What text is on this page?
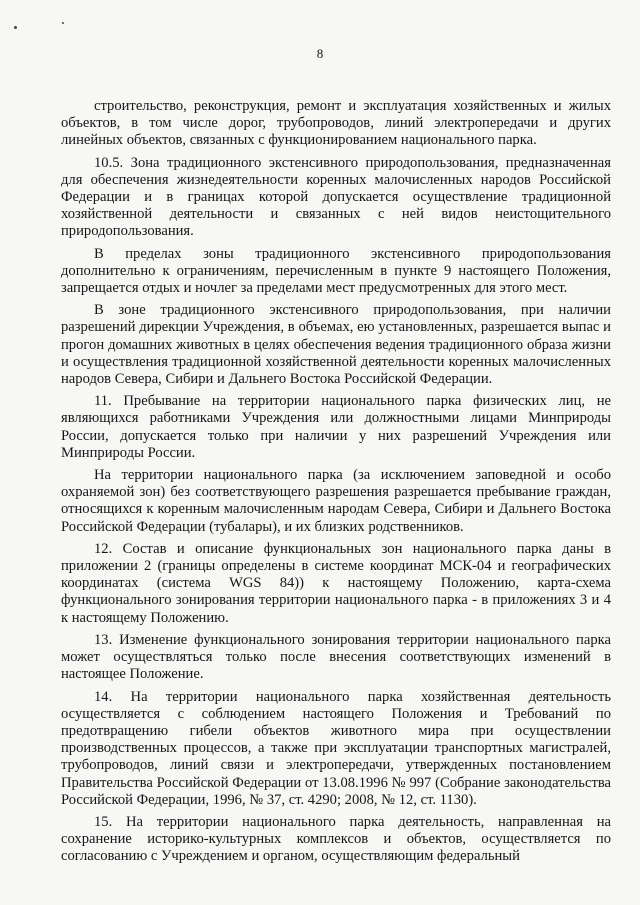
8

строительство, реконструкция, ремонт и эксплуатация хозяйственных и жилых объектов, в том числе дорог, трубопроводов, линий электропередачи и других линейных объектов, связанных с функционированием национального парка.

10.5. Зона традиционного экстенсивного природопользования, предназначенная для обеспечения жизнедеятельности коренных малочисленных народов Российской Федерации и в границах которой допускается осуществление традиционной хозяйственной деятельности и связанных с ней видов неистощительного природопользования.

В пределах зоны традиционного экстенсивного природопользования дополнительно к ограничениям, перечисленным в пункте 9 настоящего Положения, запрещается отдых и ночлег за пределами мест предусмотренных для этого мест.

В зоне традиционного экстенсивного природопользования, при наличии разрешений дирекции Учреждения, в объемах, ею установленных, разрешается выпас и прогон домашних животных в целях обеспечения ведения традиционного образа жизни и осуществления традиционной хозяйственной деятельности коренных малочисленных народов Севера, Сибири и Дальнего Востока Российской Федерации.

11. Пребывание на территории национального парка физических лиц, не являющихся работниками Учреждения или должностными лицами Минприроды России, допускается только при наличии у них разрешений Учреждения или Минприроды России.

На территории национального парка (за исключением заповедной и особо охраняемой зон) без соответствующего разрешения разрешается пребывание граждан, относящихся к коренным малочисленным народам Севера, Сибири и Дальнего Востока Российской Федерации (тубалары), и их близких родственников.

12. Состав и описание функциональных зон национального парка даны в приложении 2 (границы определены в системе координат МСК-04 и географических координатах (система WGS 84)) к настоящему Положению, карта-схема функционального зонирования территории национального парка - в приложениях 3 и 4 к настоящему Положению.

13. Изменение функционального зонирования территории национального парка может осуществляться только после внесения соответствующих изменений в настоящее Положение.

14. На территории национального парка хозяйственная деятельность осуществляется с соблюдением настоящего Положения и Требований по предотвращению гибели объектов животного мира при осуществлении производственных процессов, а также при эксплуатации транспортных магистралей, трубопроводов, линий связи и электропередачи, утвержденных постановлением Правительства Российской Федерации от 13.08.1996 № 997 (Собрание законодательства Российской Федерации, 1996, № 37, ст. 4290; 2008, № 12, ст. 1130).

15. На территории национального парка деятельность, направленная на сохранение историко-культурных комплексов и объектов, осуществляется по согласованию с Учреждением и органом, осуществляющим федеральный
